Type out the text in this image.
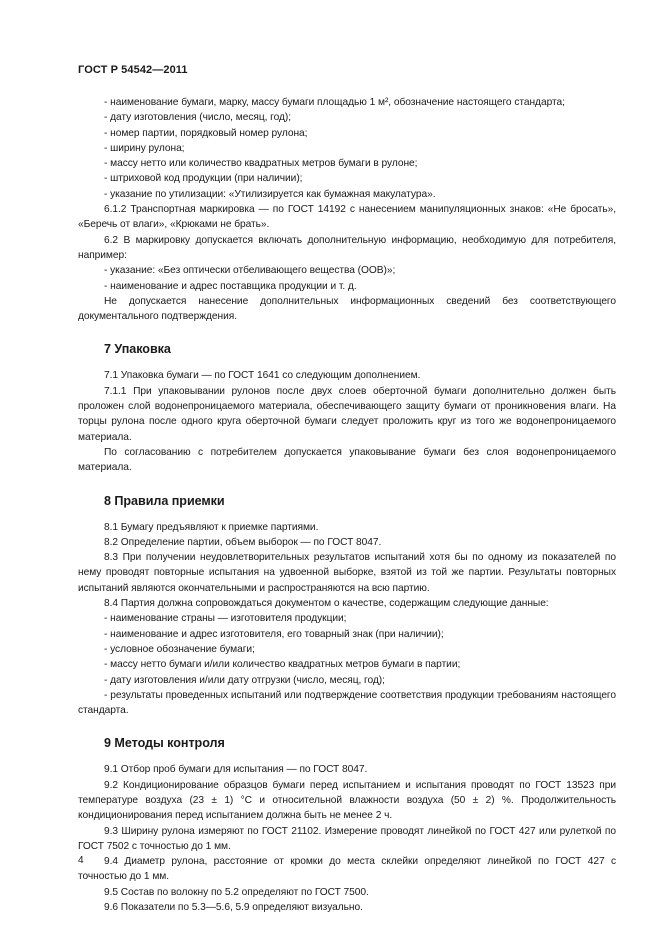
ГОСТ Р 54542—2011

- наименование бумаги, марку, массу бумаги площадью 1 м², обозначение настоящего стандарта;

- дату изготовления (число, месяц, год);

- номер партии, порядковый номер рулона;

- ширину рулона;

- массу нетто или количество квадратных метров бумаги в рулоне;

- штриховой код продукции (при наличии);

- указание по утилизации: «Утилизируется как бумажная макулатура».

6.1.2 Транспортная маркировка — по ГОСТ 14192 с нанесением манипуляционных знаков: «Не бросать», «Беречь от влаги», «Крюками не брать».

6.2 В маркировку допускается включать дополнительную информацию, необходимую для потребителя, например:

- указание: «Без оптически отбеливающего вещества (ООВ)»;

- наименование и адрес поставщика продукции и т. д.

Не допускается нанесение дополнительных информационных сведений без соответствующего документального подтверждения.

7 Упаковка

7.1 Упаковка бумаги — по ГОСТ 1641 со следующим дополнением.

7.1.1 При упаковывании рулонов после двух слоев оберточной бумаги дополнительно должен быть проложен слой водонепроницаемого материала, обеспечивающего защиту бумаги от проникновения влаги. На торцы рулона после одного круга оберточной бумаги следует проложить круг из того же водонепроницаемого материала.

По согласованию с потребителем допускается упаковывание бумаги без слоя водонепроницаемого материала.

8 Правила приемки

8.1 Бумагу предъявляют к приемке партиями.

8.2 Определение партии, объем выборок — по ГОСТ 8047.

8.3 При получении неудовлетворительных результатов испытаний хотя бы по одному из показателей по нему проводят повторные испытания на удвоенной выборке, взятой из той же партии. Результаты повторных испытаний являются окончательными и распространяются на всю партию.

8.4 Партия должна сопровождаться документом о качестве, содержащим следующие данные:

- наименование страны — изготовителя продукции;

- наименование и адрес изготовителя, его товарный знак (при наличии);

- условное обозначение бумаги;

- массу нетто бумаги и/или количество квадратных метров бумаги в партии;

- дату изготовления и/или дату отгрузки (число, месяц, год);

- результаты проведенных испытаний или подтверждение соответствия продукции требованиям настоящего стандарта.

9 Методы контроля

9.1 Отбор проб бумаги для испытания — по ГОСТ 8047.

9.2 Кондиционирование образцов бумаги перед испытанием и испытания проводят по ГОСТ 13523 при температуре воздуха (23 ± 1) °С и относительной влажности воздуха (50 ± 2) %. Продолжительность кондиционирования перед испытанием должна быть не менее 2 ч.

9.3 Ширину рулона измеряют по ГОСТ 21102. Измерение проводят линейкой по ГОСТ 427 или рулеткой по ГОСТ 7502 с точностью до 1 мм.

9.4 Диаметр рулона, расстояние от кромки до места склейки определяют линейкой по ГОСТ 427 с точностью до 1 мм.

9.5 Состав по волокну по 5.2 определяют по ГОСТ 7500.

9.6 Показатели по 5.3—5.6, 5.9 определяют визуально.

4
